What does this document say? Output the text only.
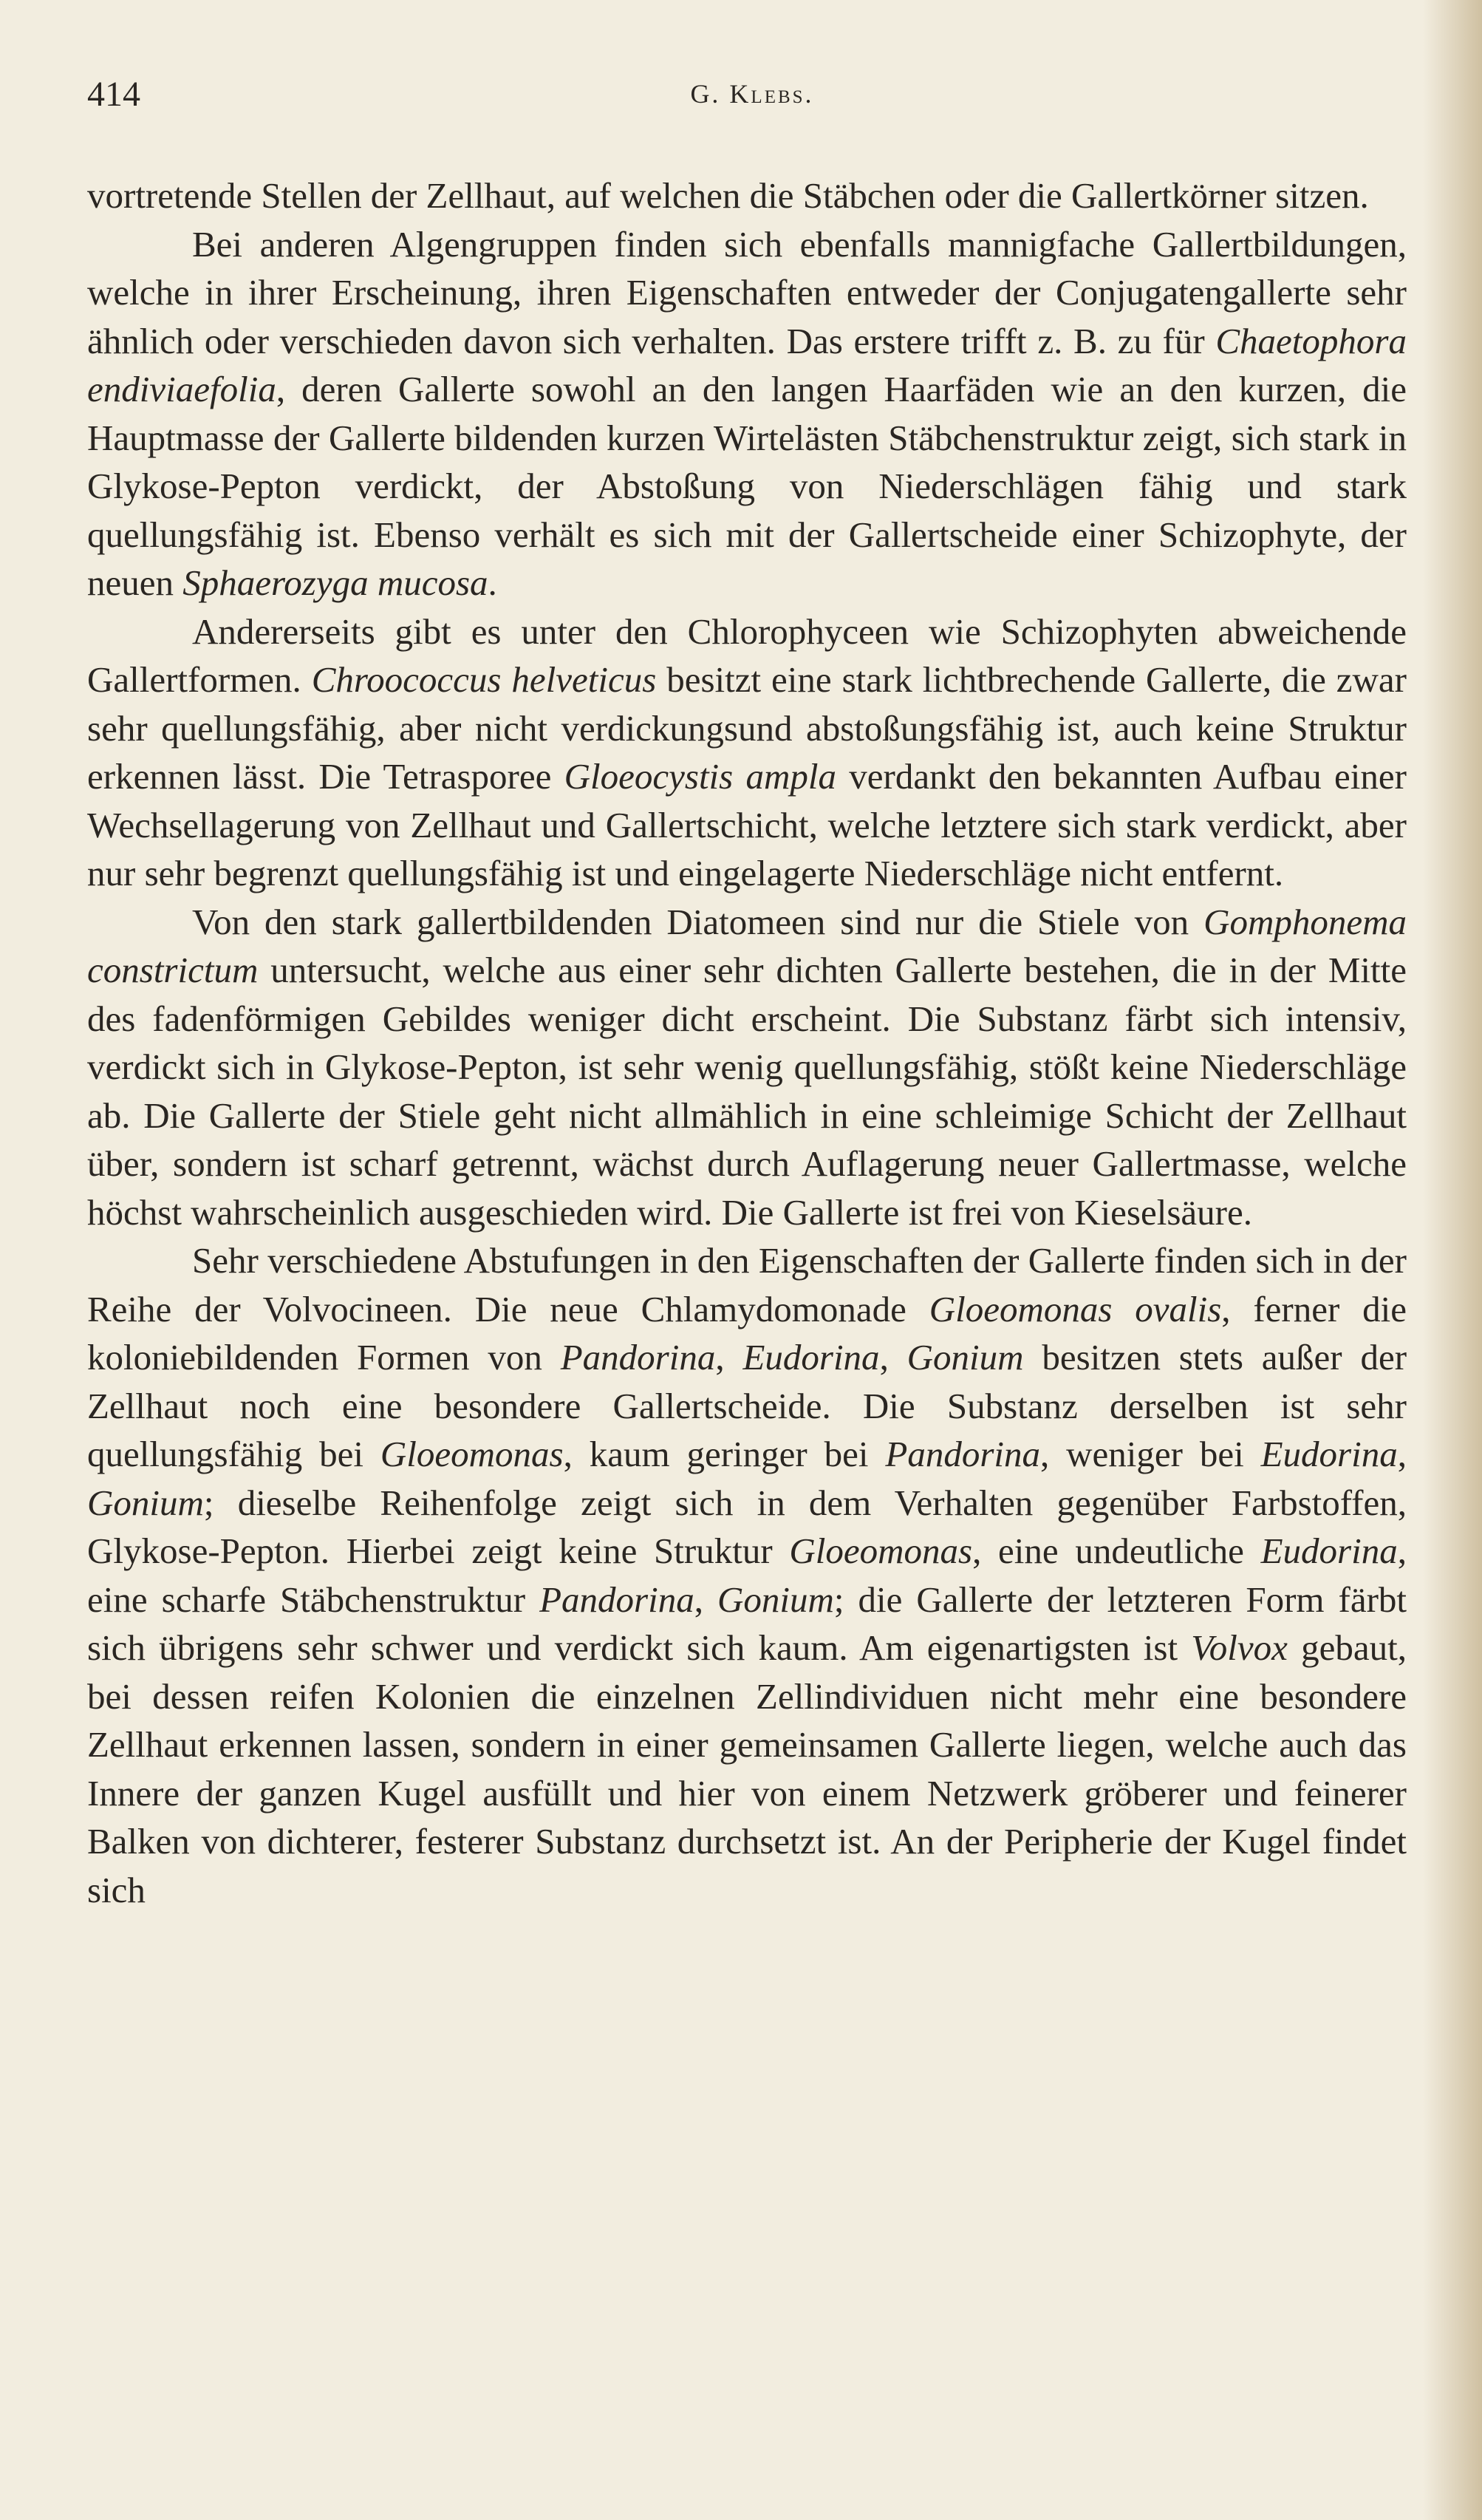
414	G. Klebs.

vortretende Stellen der Zellhaut, auf welchen die Stäbchen oder die Gallertkörner sitzen.

Bei anderen Algengruppen finden sich ebenfalls mannigfache Gallertbildungen, welche in ihrer Erscheinung, ihren Eigenschaften entweder der Conjugatengallerte sehr ähnlich oder verschieden davon sich verhalten. Das erstere trifft z. B. zu für Chaetophora endiviaefolia, deren Gallerte sowohl an den langen Haarfäden wie an den kurzen, die Hauptmasse der Gallerte bildenden kurzen Wirtelästen Stäbchenstruktur zeigt, sich stark in Glykose-Pepton verdickt, der Abstoßung von Niederschlägen fähig und stark quellungsfähig ist. Ebenso verhält es sich mit der Gallertscheide einer Schizophyte, der neuen Sphaerozyga mucosa.

Andererseits gibt es unter den Chlorophyceen wie Schizophyten abweichende Gallertformen. Chroococcus helveticus besitzt eine stark lichtbrechende Gallerte, die zwar sehr quellungsfähig, aber nicht verdickungsund abstoßungsfähig ist, auch keine Struktur erkennen lässt. Die Tetrasporee Gloeocystis ampla verdankt den bekannten Aufbau einer Wechsellagerung von Zellhaut und Gallertschicht, welche letztere sich stark verdickt, aber nur sehr begrenzt quellungsfähig ist und eingelagerte Niederschläge nicht entfernt.

Von den stark gallertbildenden Diatomeen sind nur die Stiele von Gomphonema constrictum untersucht, welche aus einer sehr dichten Gallerte bestehen, die in der Mitte des fadenförmigen Gebildes weniger dicht erscheint. Die Substanz färbt sich intensiv, verdickt sich in Glykose-Pepton, ist sehr wenig quellungsfähig, stößt keine Niederschläge ab. Die Gallerte der Stiele geht nicht allmählich in eine schleimige Schicht der Zellhaut über, sondern ist scharf getrennt, wächst durch Auflagerung neuer Gallertmasse, welche höchst wahrscheinlich ausgeschieden wird. Die Gallerte ist frei von Kieselsäure.

Sehr verschiedene Abstufungen in den Eigenschaften der Gallerte finden sich in der Reihe der Volvocineen. Die neue Chlamydomonade Gloeomonas ovalis, ferner die koloniebildenden Formen von Pandorina, Eudorina, Gonium besitzen stets außer der Zellhaut noch eine besondere Gallertscheide. Die Substanz derselben ist sehr quellungsfähig bei Gloeomonas, kaum geringer bei Pandorina, weniger bei Eudorina, Gonium; dieselbe Reihenfolge zeigt sich in dem Verhalten gegenüber Farbstoffen, Glykose-Pepton. Hierbei zeigt keine Struktur Gloeomonas, eine undeutliche Eudorina, eine scharfe Stäbchenstruktur Pandorina, Gonium; die Gallerte der letzteren Form färbt sich übrigens sehr schwer und verdickt sich kaum. Am eigenartigsten ist Volvox gebaut, bei dessen reifen Kolonien die einzelnen Zellindividuen nicht mehr eine besondere Zellhaut erkennen lassen, sondern in einer gemeinsamen Gallerte liegen, welche auch das Innere der ganzen Kugel ausfüllt und hier von einem Netzwerk gröberer und feinerer Balken von dichterer, festerer Substanz durchsetzt ist. An der Peripherie der Kugel findet sich
